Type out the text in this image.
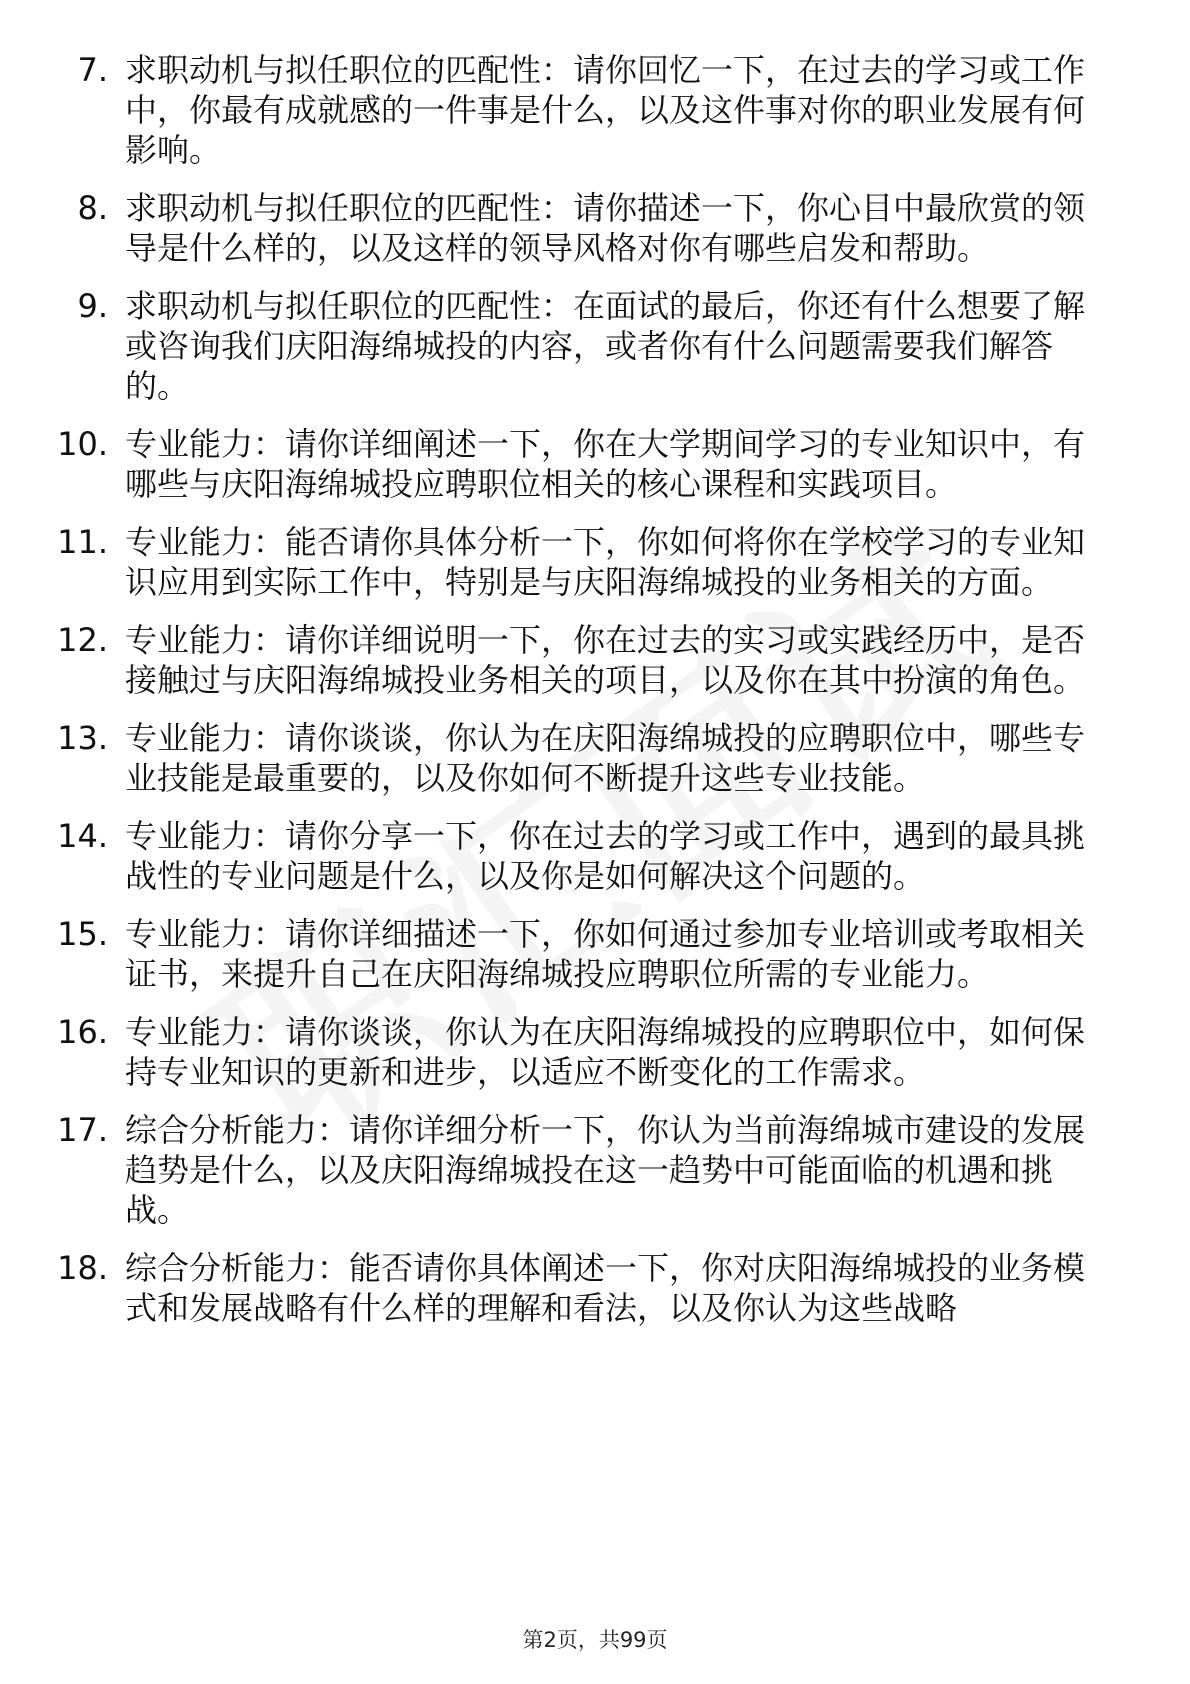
7. 求职动机与拟任职位的匹配性：请你回忆一下，在过去的学习或工作中，你最有成就感的一件事是什么，以及这件事对你的职业发展有何影响。
8. 求职动机与拟任职位的匹配性：请你描述一下，你心目中最欣赏的领导是什么样的，以及这样的领导风格对你有哪些启发和帮助。
9. 求职动机与拟任职位的匹配性：在面试的最后，你还有什么想要了解或咨询我们庆阳海绵城投的内容，或者你有什么问题需要我们解答的。
10. 专业能力：请你详细阐述一下，你在大学期间学习的专业知识中，有哪些与庆阳海绵城投应聘职位相关的核心课程和实践项目。
11. 专业能力：能否请你具体分析一下，你如何将你在学校学习的专业知识应用到实际工作中，特别是与庆阳海绵城投的业务相关的方面。
12. 专业能力：请你详细说明一下，你在过去的实习或实践经历中，是否接触过与庆阳海绵城投业务相关的项目，以及你在其中扮演的角色。
13. 专业能力：请你谈谈，你认为在庆阳海绵城投的应聘职位中，哪些专业技能是最重要的，以及你如何不断提升这些专业技能。
14. 专业能力：请你分享一下，你在过去的学习或工作中，遇到的最具挑战性的专业问题是什么，以及你是如何解决这个问题的。
15. 专业能力：请你详细描述一下，你如何通过参加专业培训或考取相关证书，来提升自己在庆阳海绵城投应聘职位所需的专业能力。
16. 专业能力：请你谈谈，你认为在庆阳海绵城投的应聘职位中，如何保持专业知识的更新和进步，以适应不断变化的工作需求。
17. 综合分析能力：请你详细分析一下，你认为当前海绵城市建设的发展趋势是什么，以及庆阳海绵城投在这一趋势中可能面临的机遇和挑战。
18. 综合分析能力：能否请你具体阐述一下，你对庆阳海绵城投的业务模式和发展战略有什么样的理解和看法，以及你认为这些战略
第2页，共99页
